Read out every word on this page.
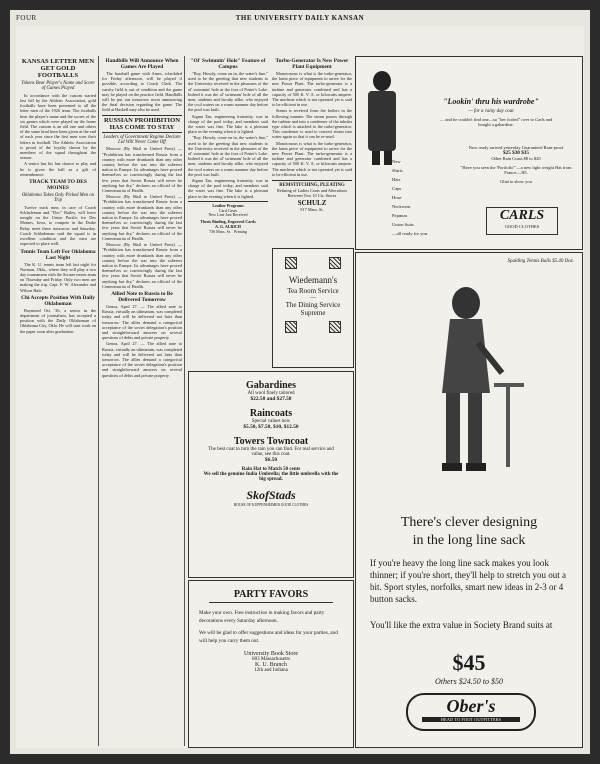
FOUR	THE UNIVERSITY DAILY KANSAN
KANSAS LETTER MEN GET GOLD FOOTBALLS
Tokens Bear Player's Name and Score of Games Played

In accordance with the custom started last fall by the Athletic Association, gold footballs have been presented to all the letter men of the 1926 team. The footballs bear the player's name and the scores of the six games which were played on the home field. The custom is an old one and others of the same kind have been given at the end of each year since the first men won their letters in football. The Athletic Association is proud of the loyalty shown by the members of the squad throughout the season.

A senior has his last chance to play and he is given the ball as a gift of remembrance.

TRACK TEAM TO DES MOINES
Oklahoma Takes Only Picked Men on Trip

Twelve track men, in care of Coach Schlademan and "Doc" Bailey, will leave tonight on the Union Pacific for Des Moines, Iowa, to compete in the Drake Relay meet there tomorrow and Saturday. Coach Schlademan said the squad is in excellent condition and the men are expected to place well.

Tennis Team Left For Oklahoma Last Night

The K. U. tennis team left last night for Norman, Okla., where they will play a two day tournament with the Sooner tennis team on Thursday and Friday. Only two men are making the trip, Capt. F. W. Alexander and Wilson Hale.

Chi Accepts Position With Daily Oklahoman

Raymond Ott, '26, a senior in the department of journalism, has accepted a position with the Daily Oklahoman of Oklahoma City, Okla. He will start work on the paper soon after graduation.

Handbills Will Announce When Games Are Played

The baseball game with Ames, scheduled for Friday afternoon, will be played if possible, according to Coach Clark. The varsity field is out of condition and the game may be played on the practice field. Handbills will be put out tomorrow noon announcing the final decision regarding the game. The field at Haskell may also be used.

RUSSIAN PROHIBITION HAS COME TO STAY
Leaders of Government Regime Declare Lid Will Never Come Off

Moscow (By Mail to United Press) — "Prohibition has transformed Russia from a country with more drunkards than any other country before the war into the soberest nation in Europe. Its advantages have proved themselves so convincingly during the last few years that Soviet Russia will never be anything but dry," declares an official of the Commissariat of Health.

Moscow (By Mail to United Press) — "Prohibition has transformed Russia from a country with more drunkards than any other country before the war into the soberest nation in Europe. Its advantages have proved themselves so convincingly during the last few years that Soviet Russia will never be anything but dry," declares an official of the Commissariat of Health.

Moscow (By Mail to United Press) — "Prohibition has transformed Russia from a country with more drunkards than any other country before the war into the soberest nation in Europe. Its advantages have proved themselves so convincingly during the last few years that Soviet Russia will never be anything but dry," declares an official of the Commissariat of Health.

Allied Note to Russia to Be Delivered Tomorrow

Genoa, April 27. — The allied note to Russia, virtually an ultimatum, was completed today and will be delivered not later than tomorrow. The allies demand a categorical acceptance of the soviet delegation's position and straightforward answers on several questions of debts and private property.

Genoa, April 27. — The allied note to Russia, virtually an ultimatum, was completed today and will be delivered not later than tomorrow. The allies demand a categorical acceptance of the soviet delegation's position and straightforward answers on several questions of debts and private property.

"Ol' Swimmin' Hole" Feature of Campus

"Boy, Howdy, come on in, the water's fine," used to be the greeting that new students to the University received in the pleasures of the ol' swimmin' hole at the foot of Potter's Lake. Indeed it was the ol' swimmin' hole of all the men, students and faculty alike, who enjoyed the cool waters on a warm summer day before the pool was built.

Sigma Tau, engineering fraternity, was in charge of the pool today, and members said the water was fine. The lake is a pleasant place in the evening when it is lighted.

"Boy, Howdy, come on in, the water's fine," used to be the greeting that new students to the University received in the pleasures of the ol' swimmin' hole at the foot of Potter's Lake. Indeed it was the ol' swimmin' hole of all the men, students and faculty alike, who enjoyed the cool waters on a warm summer day before the pool was built.

Sigma Tau, engineering fraternity, was in charge of the pool today, and members said the water was fine. The lake is a pleasant place in the evening when it is lighted.

Leather Programs
Card Cases
New Line Just Received
Thesis Binding, Engraved Cards
A. G. ALRICH
736 Mass. St. Printing
Turbo-Generator Is New Power Plant Equipment

Monotonous is what is the turbo-generator, the latest piece of equipment to arrive for the new Power Plant. The turbo-generator is a turbine and generator combined and has a capacity of 500 K. V. A. or kilowatts ampere. The machine which is not operated yet is said to be efficient in use.

Steam is received from the boilers in the following manner. The steam passes through the turbine and into a condenser of the tubular type which is attached to the turbo-generator. This condenser is used to convert steam into water again so that it can be re-used.

Monotonous is what is the turbo-generator, the latest piece of equipment to arrive for the new Power Plant. The turbo-generator is a turbine and generator combined and has a capacity of 500 K. V. A. or kilowatts ampere. The machine which is not operated yet is said to be efficient in use.

REMSTITCHING, PLEATING
Relining of Ladies Coats and Alterations
Between Two 10 Cts. Stores
SCHULZ
917 Mass. St.
"Lookin' thru his wardrobe"
— for a rainy day coat
— and he couldn't find one—so "her fooled" over to Carls and bought a gabardine.
New
Shirts
Hats
Caps
Hose
Neckwear
Pajamas
Union Suits
—all ready for you.
Now ready arrived yesterday Guaranteed Rain-proof
$25 $30 $35
Other Rain Coats $8 to $20
"Have you seen the 'Portfolio'"—a new light weight Hat from France—\$5.
Glad to show you
CARLS
GOOD CLOTHES
Wiedemann's
Tea Room Service
—
The Dining Service
Supreme
Gabardines
All wool finely tailored
$22.50 and $27.50
Raincoats
Special values now
$5.50, $7.50, $10, $12.50
Towers Towncoat
The best coat to turn the rain you can find. For real service and value, see this coat.
$6.50
Rain Hat to Match 50 cents
We sell the genuine India Umbrella; the little umbrella with the big spread.
SkofStads
HOUSE OF KUPPENHEIMER GOOD CLOTHES
PARTY FAVORS
Make your own. Free instruction in making favors and party decorations every Saturday afternoon.
We will be glad to offer suggestions and ideas for your parties, and will help you carry them out.
University Book Store
803 Massachusetts
K. U. Branch
12th and Indiana
Spalding Tennis Balls $5.40 Doz.
There's clever designing
in the long line sack
If you're heavy the long line sack makes you look thinner; if you're short, they'll help to stretch you out a bit. Sport styles, norfolks, smart new ideas in 2-3 or 4 button sacks.
You'll like the extra value in Society Brand suits at
$45
Others $24.50 to $50
Ober's
HEAD TO FOOT OUTFITTERS
